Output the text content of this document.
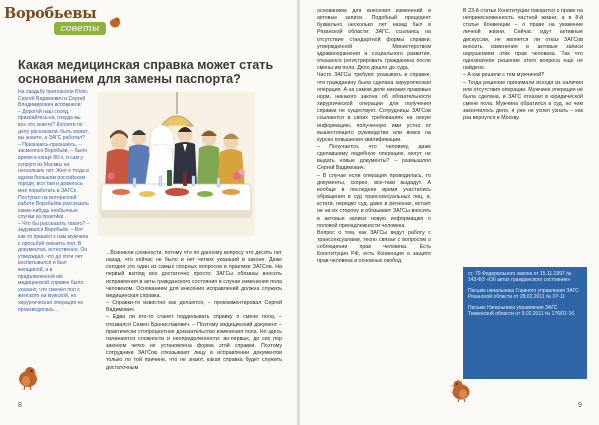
Воробьевы
советы
Какая медицинская справка может стать основанием для замены паспорта?

На свадьбу пригласили Юлю, Сергей Вадимович и Сергей Владимирович вспомнили:

– Дорогой наш сосед, признайтесь-ка, откуда вы все это знаете? Коллеги по делу рассказали, быть может, вы знаете, а ЗАГС работал?

– Признаюсь-признаюсь, – засмеялся Воробьёв, – было время в конце 90-х, я сам у супруги из Москвы на нескольких лет. Жил я тогда в одном большом российском городе, вся там и довелось мне поработать в ЗАГСе. Поступал на интересной работе Воробьёва рассказать какие-нибудь необычные случаи из практики.

– Что бы рассказать такого? – задумался Воробьёв. – Вот как-то пришёл к нам мужчина с просьбой сменить пол. В документах, естественно. Он утверждал, что до пяти лет воспитывался и был женщиной, а в предъявленной им медицинской справке было указано, что сменил пол с женского на мужской, но хирургическая операция не производилась...

...Возникли сложности, потому что по данному вопросу что десять лет назад, что сейчас не было и нет четких указаний в законе. Даже сегодня это один из самых спорных вопросов в практике ЗАГСов. На первый взгляд все достаточно просто: ЗАГСы обязаны вносить исправления в акты гражданского состояния в случае изменения пола человеком. Основанием для внесения исправлений должна служить медицинская справка.

– Справки-то известно как делаются, – прокомментировал Сергей Вадимович.

– Едва ли кто-то станет подделывать справку о смене пола, – отозвался Семен Брониславович. – Поэтому медицинский документ – практически стопроцентное доказательство изменения пола. Но здесь начинаются сложности и неопределенности: во-первых, до сих пор законом четко не установлена форма этой справки. Поэтому сотрудники ЗАГСов отказывают лицу в исправлении документов только по той причине, что не знают, какая справка будет служить достаточным

8

основанием для внесения изменений в актовые записи. Подобный прецедент буквально несколько лет назад был в Рязанской области: ЗАГС, ссылаясь на отсутствие стандартной формы справки, утвержденной Министерством здравоохранения и социального развития, отказался регистрировать гражданина после смены им пола. Дело дошло до суда.

Часто ЗАГСы требуют указывать в справке, что гражданину была сделана хирургическая операция. А на самом деле никаких правовых норм, никакого закона об обязательности хирургической операции для получения справки не существует. Сотрудницы ЗАГСов ссылаются в своих требованиях на некую информацию, полученную ими устно от вышестоящего руководства или вовсе на курсах повышения квалификации.

– Получается, что человеку, даже сделавшему подобную операцию, могут не выдать новые документы? – размышлял Сергей Вадимович.

– В случае если операция проводилась, то документы, скорее, все-таки выдадут. А вообще в последнее время участились обращения в суд транссексуальных лиц, и, кстати, нередко суд, даже в регионах, встает не на их сторону и обязывает ЗАГСы вносить в актовые записи новую информацию о половой принадлежности человека.

Вопрос о том, как ЗАГСы ведут работу с транссексуалами, тесно связан с вопросом о соблюдении прав человека. Есть Конституция РФ, есть Конвенция о защите прав человека и основных свобод.

В 23-й статье Конституции говорится о праве на неприкосновенность частной жизни, а в 8-й статье Конвенции – о праве на уважение личной жизни. Сейчас идут активные дискуссии, не является ли отказ ЗАГСов вносить изменения в актовые записи нарушением этих прав человека. Так что однозначное решение этого вопроса еще не найдено.

– А как решили с тем мужчиной?

– Тогда решение принимали исходя из наличия или отсутствия операции. Мужчине операция не была сделана, и ЗАГС отказал в юридической смене пола. Мужчина обратился в суд, но чем закончилось дело, я уже не успел узнать – как раз вернулся в Москву.

ст. 70 Федерального закона от 15.11.1997 № 143-ФЗ «Об актах гражданского состояния»

Письмо начальника Главного управления ЗАГС Рязанской области от 28.02.2011 № 07-11

Письмо Начальника управления ЗАГС Тюменской области от 9.02.2011 № 176/01-16

9
